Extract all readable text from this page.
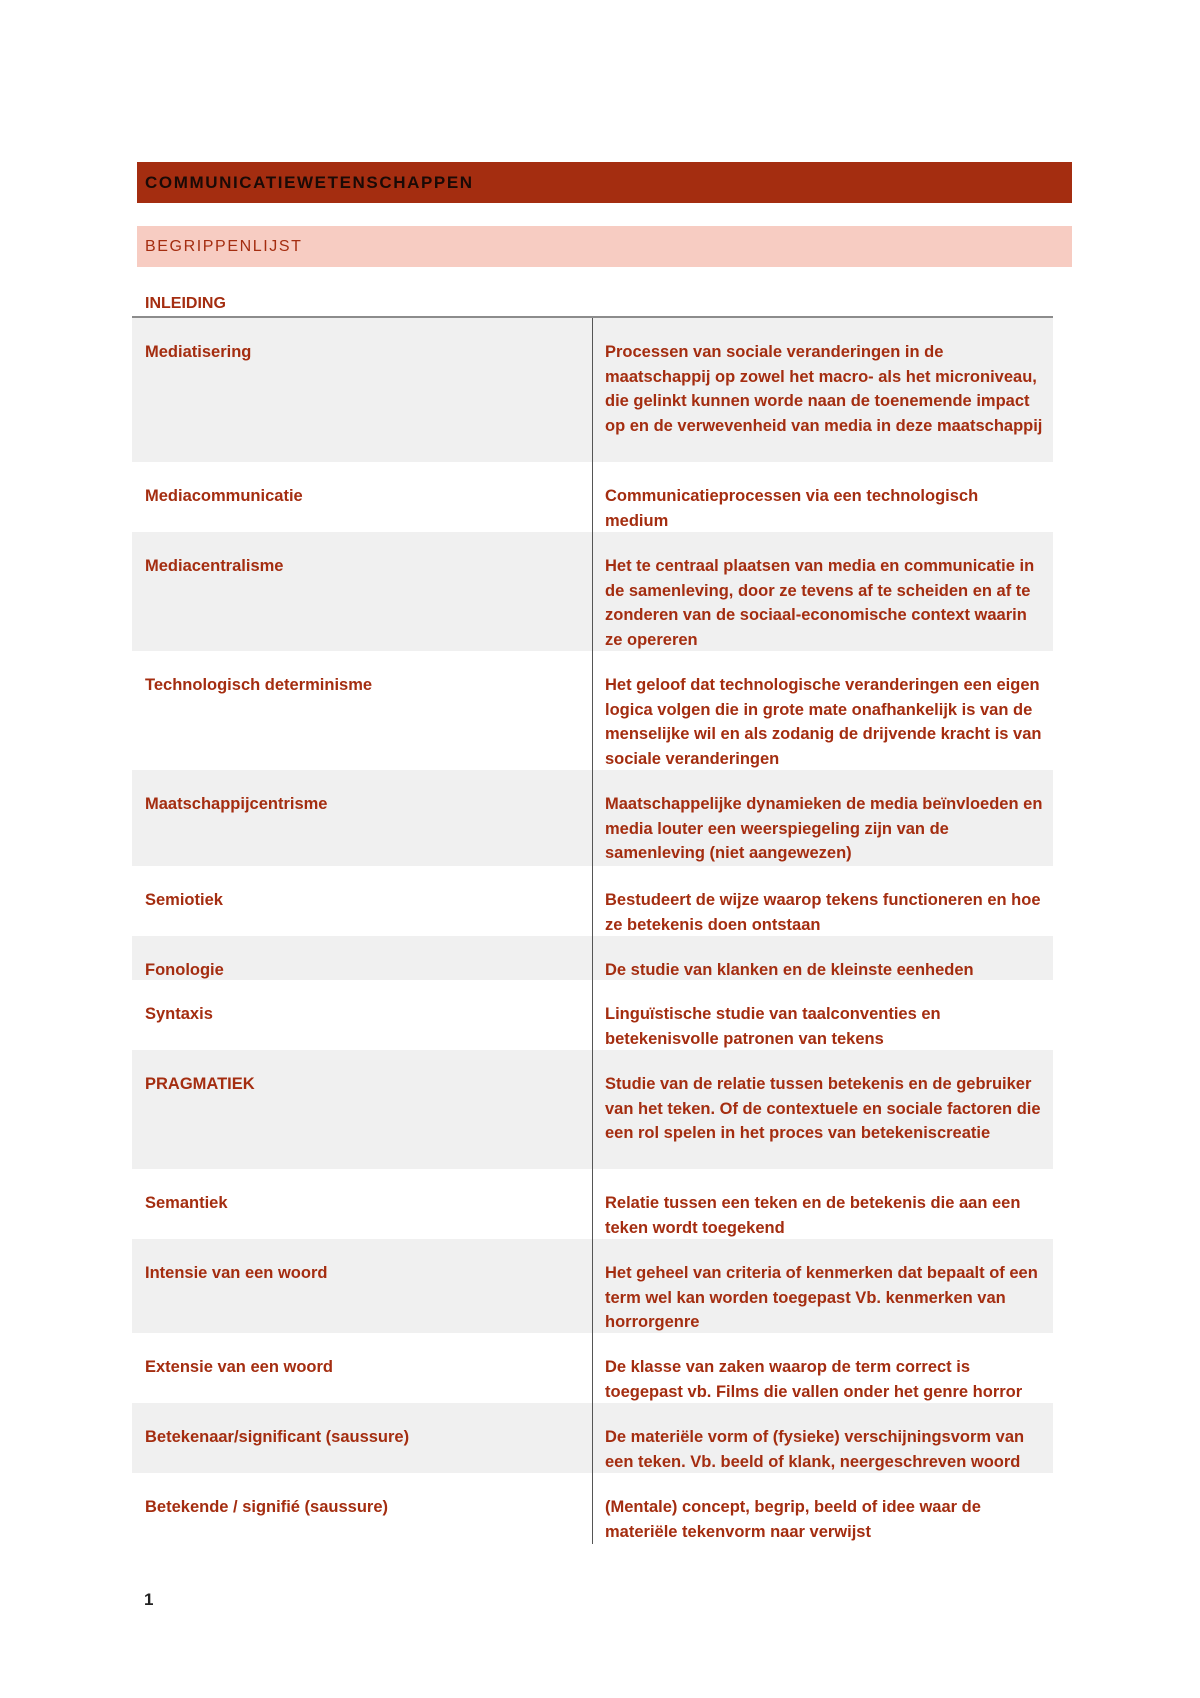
COMMUNICATIEWETENSCHAPPEN
BEGRIPPENLIJST
INLEIDING
Mediatisering	Processen van sociale veranderingen in de maatschappij op zowel het macro- als het microniveau, die gelinkt kunnen worde naan de toenemende impact op en de verwevenheid van media in deze maatschappij
Mediacommunicatie	Communicatieprocessen via een technologisch medium
Mediacentralisme	Het te centraal plaatsen van media en communicatie in de samenleving, door ze tevens af te scheiden en af te zonderen van de sociaal-economische context waarin ze opereren
Technologisch determinisme	Het geloof dat technologische veranderingen een eigen logica volgen die in grote mate onafhankelijk is van de menselijke wil en als zodanig de drijvende kracht is van sociale veranderingen
Maatschappijcentrisme	Maatschappelijke dynamieken de media beïnvloeden en media louter een weerspiegeling zijn van de samenleving (niet aangewezen)
Semiotiek	Bestudeert de wijze waarop tekens functioneren en hoe ze betekenis doen ontstaan
Fonologie	De studie van klanken en de kleinste eenheden
Syntaxis	Linguïstische studie van taalconventies en betekenisvolle patronen van tekens
PRAGMATIEK	Studie van de relatie tussen betekenis en de gebruiker van het teken. Of de contextuele en sociale factoren die een rol spelen in het proces van betekeniscreatie
Semantiek	Relatie tussen een teken en de betekenis die aan een teken wordt toegekend
Intensie van een woord	Het geheel van criteria of kenmerken dat bepaalt of een term wel kan worden toegepast Vb. kenmerken van horrorgenre
Extensie van een woord	De klasse van zaken waarop de term correct is toegepast vb. Films die vallen onder het genre horror
Betekenaar/significant (saussure)	De materiële vorm of (fysieke) verschijningsvorm van een teken. Vb. beeld of klank, neergeschreven woord
Betekende / signifié (saussure)	(Mentale) concept, begrip, beeld of idee waar de materiële tekenvorm naar verwijst
1
